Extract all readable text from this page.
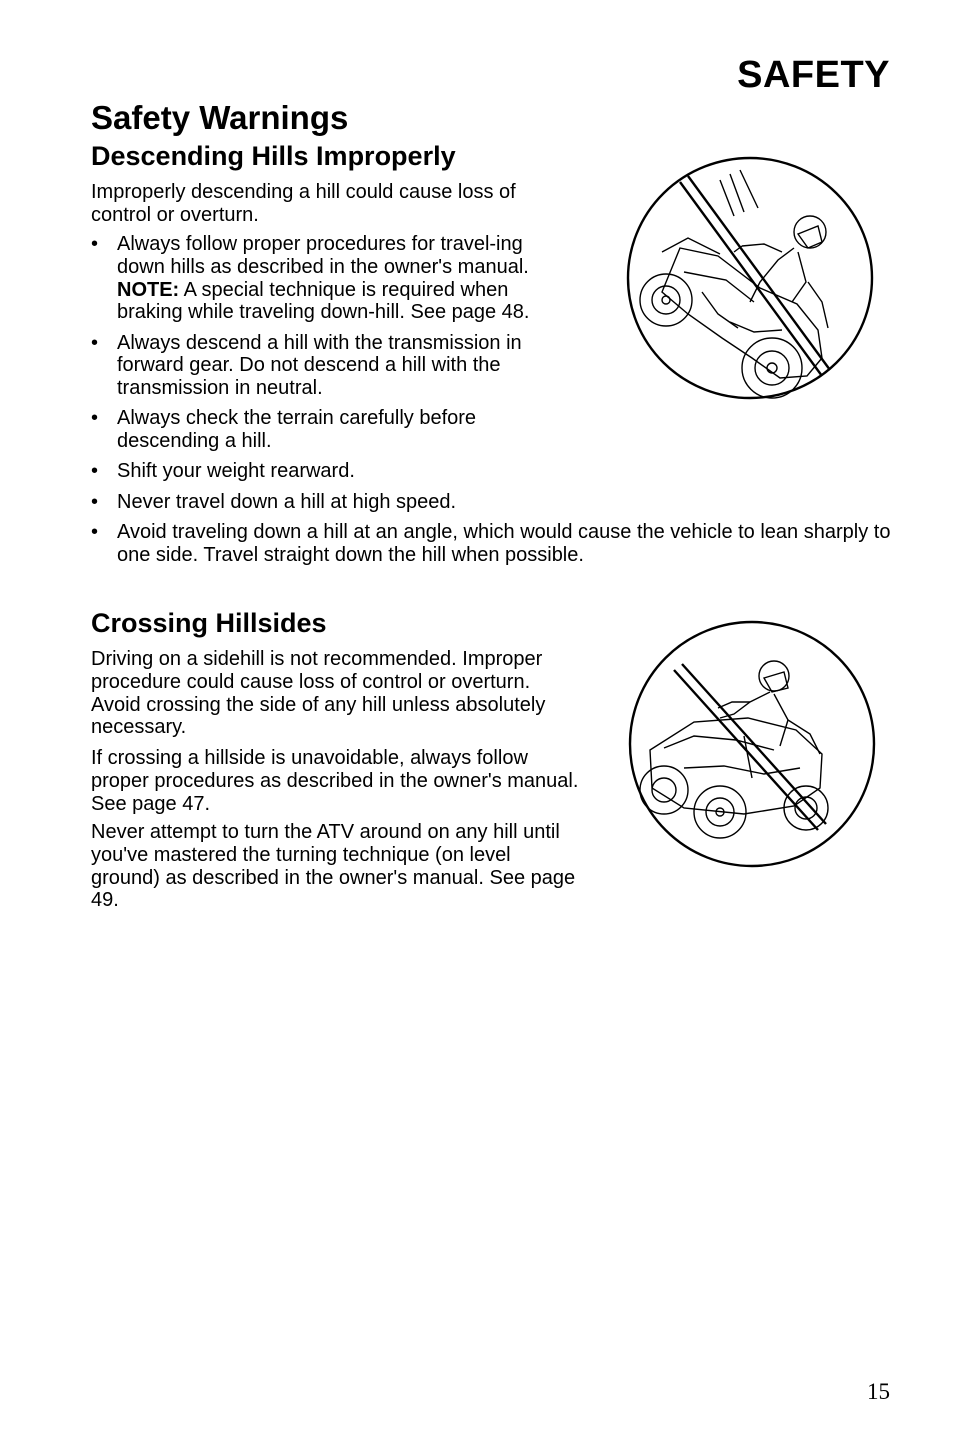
SAFETY
Safety Warnings
Descending Hills Improperly
Improperly descending a hill could cause loss of control or overturn.
• Always follow proper procedures for travel-ing down hills as described in the owner's manual. NOTE: A special technique is required when braking while traveling down-hill. See page 48.
• Always descend a hill with the transmission in forward gear. Do not descend a hill with the transmission in neutral.
• Always check the terrain carefully before descending a hill.
• Shift your weight rearward.
• Never travel down a hill at high speed.
• Avoid traveling down a hill at an angle, which would cause the vehicle to lean sharply to one side. Travel straight down the hill when possible.
Crossing Hillsides
Driving on a sidehill is not recommended. Improper procedure could cause loss of control or overturn. Avoid crossing the side of any hill unless absolutely necessary.
If crossing a hillside is unavoidable, always follow proper procedures as described in the owner's manual. See page 47.
Never attempt to turn the ATV around on any hill until you've mastered the turning technique (on level ground) as described in the owner's manual. See page 49.
15
